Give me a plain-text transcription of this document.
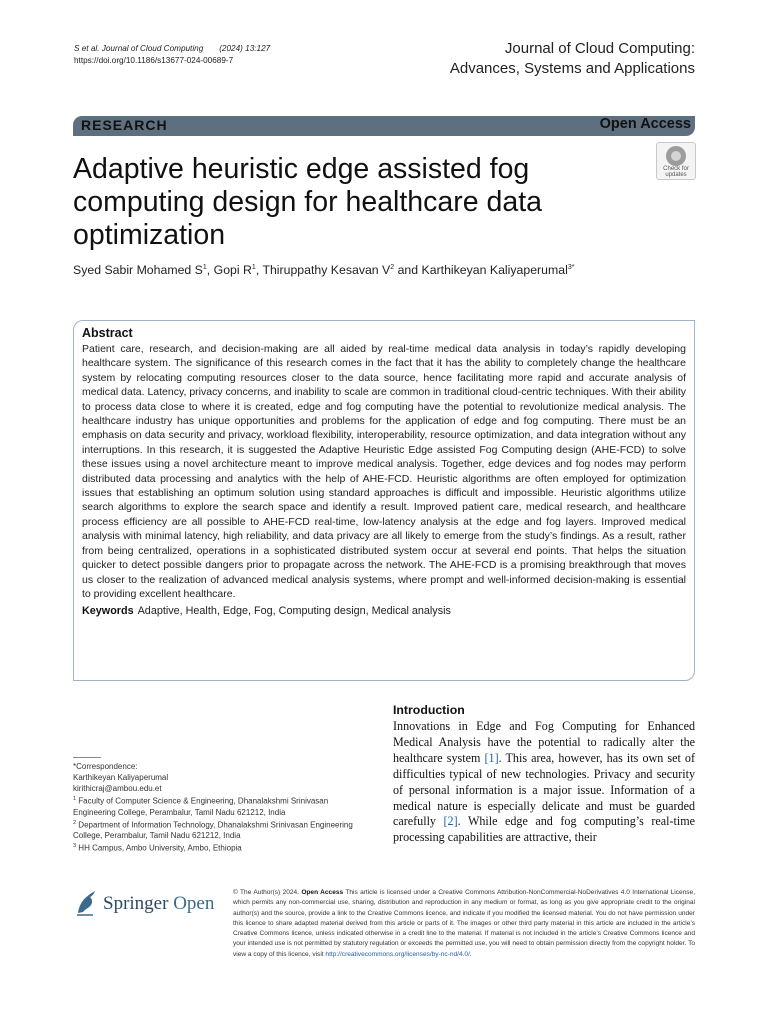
S et al. Journal of Cloud Computing (2024) 13:127
https://doi.org/10.1186/s13677-024-00689-7
Journal of Cloud Computing:
Advances, Systems and Applications
RESEARCH	Open Access
Adaptive heuristic edge assisted fog computing design for healthcare data optimization
Check for
updates
Syed Sabir Mohamed $S^1$, Gopi $R^1$, Thiruppathy Kesavan $V^2$ and Karthikeyan Kaliyaperumal$^{3*}$
Abstract

Patient care, research, and decision-making are all aided by real-time medical data analysis in today’s rapidly developing healthcare system. The significance of this research comes in the fact that it has the ability to completely change the healthcare system by relocating computing resources closer to the data source, hence facilitating more rapid and accurate analysis of medical data. Latency, privacy concerns, and inability to scale are common in traditional cloud-centric techniques. With their ability to process data close to where it is created, edge and fog computing have the potential to revolutionize medical analysis. The healthcare industry has unique opportunities and problems for the application of edge and fog computing. There must be an emphasis on data security and privacy, workload flexibility, interoperability, resource optimization, and data integration without any interruptions. In this research, it is suggested the Adaptive Heuristic Edge assisted Fog Computing design (AHE-FCD) to solve these issues using a novel architecture meant to improve medical analysis. Together, edge devices and fog nodes may perform distributed data processing and analytics with the help of AHE-FCD. Heuristic algorithms are often employed for optimization issues that establishing an optimum solution using standard approaches is difficult and impossible. Heuristic algorithms utilize search algorithms to explore the search space and identify a result. Improved patient care, medical research, and healthcare process efficiency are all possible to AHE-FCD real-time, low-latency analysis at the edge and fog layers. Improved medical analysis with minimal latency, high reliability, and data privacy are all likely to emerge from the study’s findings. As a result, rather from being centralized, operations in a sophisticated distributed system occur at several end points. That helps the situation quicker to detect possible dangers prior to propagate across the network. The AHE-FCD is a promising breakthrough that moves us closer to the realization of advanced medical analysis systems, where prompt and well-informed decision-making is essential to providing excellent healthcare.

Keywords Adaptive, Health, Edge, Fog, Computing design, Medical analysis
Introduction

Innovations in Edge and Fog Computing for Enhanced Medical Analysis have the potential to radically alter the healthcare system [1]. This area, however, has its own set of difficulties typical of new technologies. Privacy and security of personal information is a major issue. Information of a medical nature is especially delicate and must be guarded carefully [2]. While edge and fog computing’s real-time processing capabilities are attractive, their

*Correspondence:
Karthikeyan Kaliyaperumal
kirithicraj@ambou.edu.et
$^1$ Faculty of Computer Science & Engineering, Dhanalakshmi Srinivasan Engineering College, Perambalur, Tamil Nadu 621212, India
$^2$ Department of Information Technology, Dhanalakshmi Srinivasan Engineering College, Perambalur, Tamil Nadu 621212, India
$^3$ HH Campus, Ambo University, Ambo, Ethiopia
Springer Open

© The Author(s) 2024. Open Access This article is licensed under a Creative Commons Attribution-NonCommercial-NoDerivatives 4.0 International License, which permits any non-commercial use, sharing, distribution and reproduction in any medium or format, as long as you give appropriate credit to the original author(s) and the source, provide a link to the Creative Commons licence, and indicate if you modified the licensed material. You do not have permission under this licence to share adapted material derived from this article or parts of it. The images or other third party material in this article are included in the article’s Creative Commons licence, unless indicated otherwise in a credit line to the material. If material is not included in the article’s Creative Commons licence and your intended use is not permitted by statutory regulation or exceeds the permitted use, you will need to obtain permission directly from the copyright holder. To view a copy of this licence, visit http://creativecommons.org/licenses/by-nc-nd/4.0/.
